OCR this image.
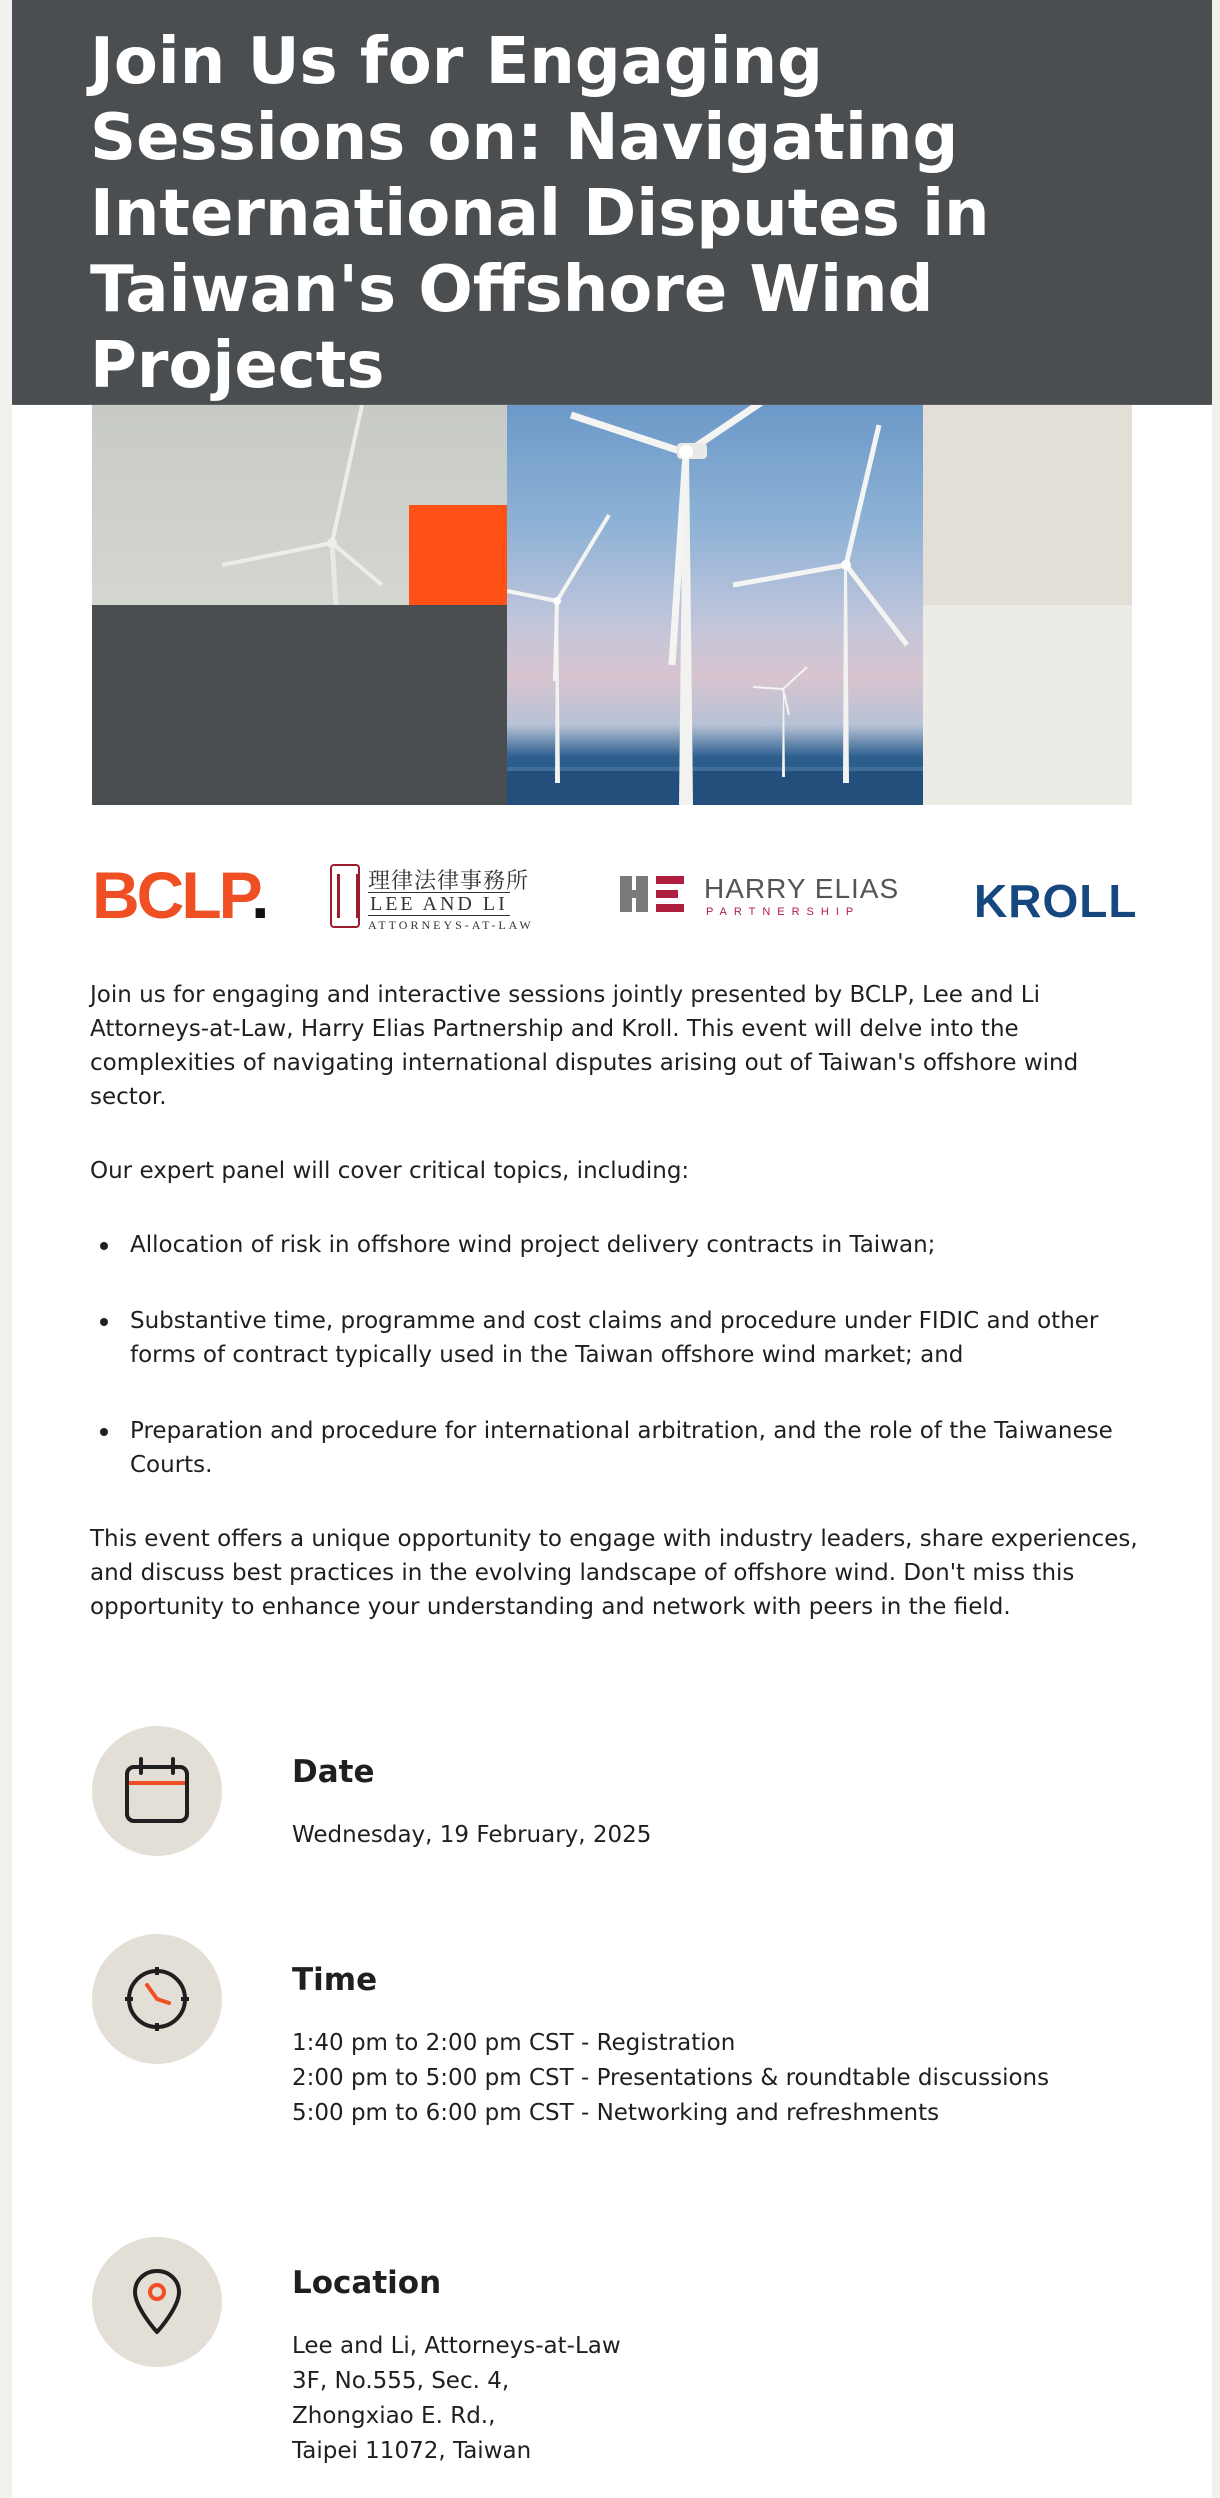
Join Us for Engaging Sessions on: Navigating International Disputes in Taiwan's Offshore Wind Projects
BCLP.	理律法律事務所
LEE AND LI
ATTORNEYS-AT-LAW
HARRY ELIAS
PARTNERSHIP KROLL

Join us for engaging and interactive sessions jointly presented by BCLP, Lee and Li Attorneys-at-Law, Harry Elias Partnership and Kroll. This event will delve into the complexities of navigating international disputes arising out of Taiwan's offshore wind sector.

Our expert panel will cover critical topics, including:

Allocation of risk in offshore wind project delivery contracts in Taiwan;
Substantive time, programme and cost claims and procedure under FIDIC and other forms of contract typically used in the Taiwan offshore wind market; and
Preparation and procedure for international arbitration, and the role of the Taiwanese Courts.

This event offers a unique opportunity to engage with industry leaders, share experiences, and discuss best practices in the evolving landscape of offshore wind. Don't miss this opportunity to enhance your understanding and network with peers in the field.

Date
Wednesday, 19 February, 2025
Time
1:40 pm to 2:00 pm CST - Registration
2:00 pm to 5:00 pm CST - Presentations & roundtable discussions
5:00 pm to 6:00 pm CST - Networking and refreshments
Location
Lee and Li, Attorneys-at-Law
3F, No.555, Sec. 4,
Zhongxiao E. Rd.,
Taipei 11072, Taiwan
